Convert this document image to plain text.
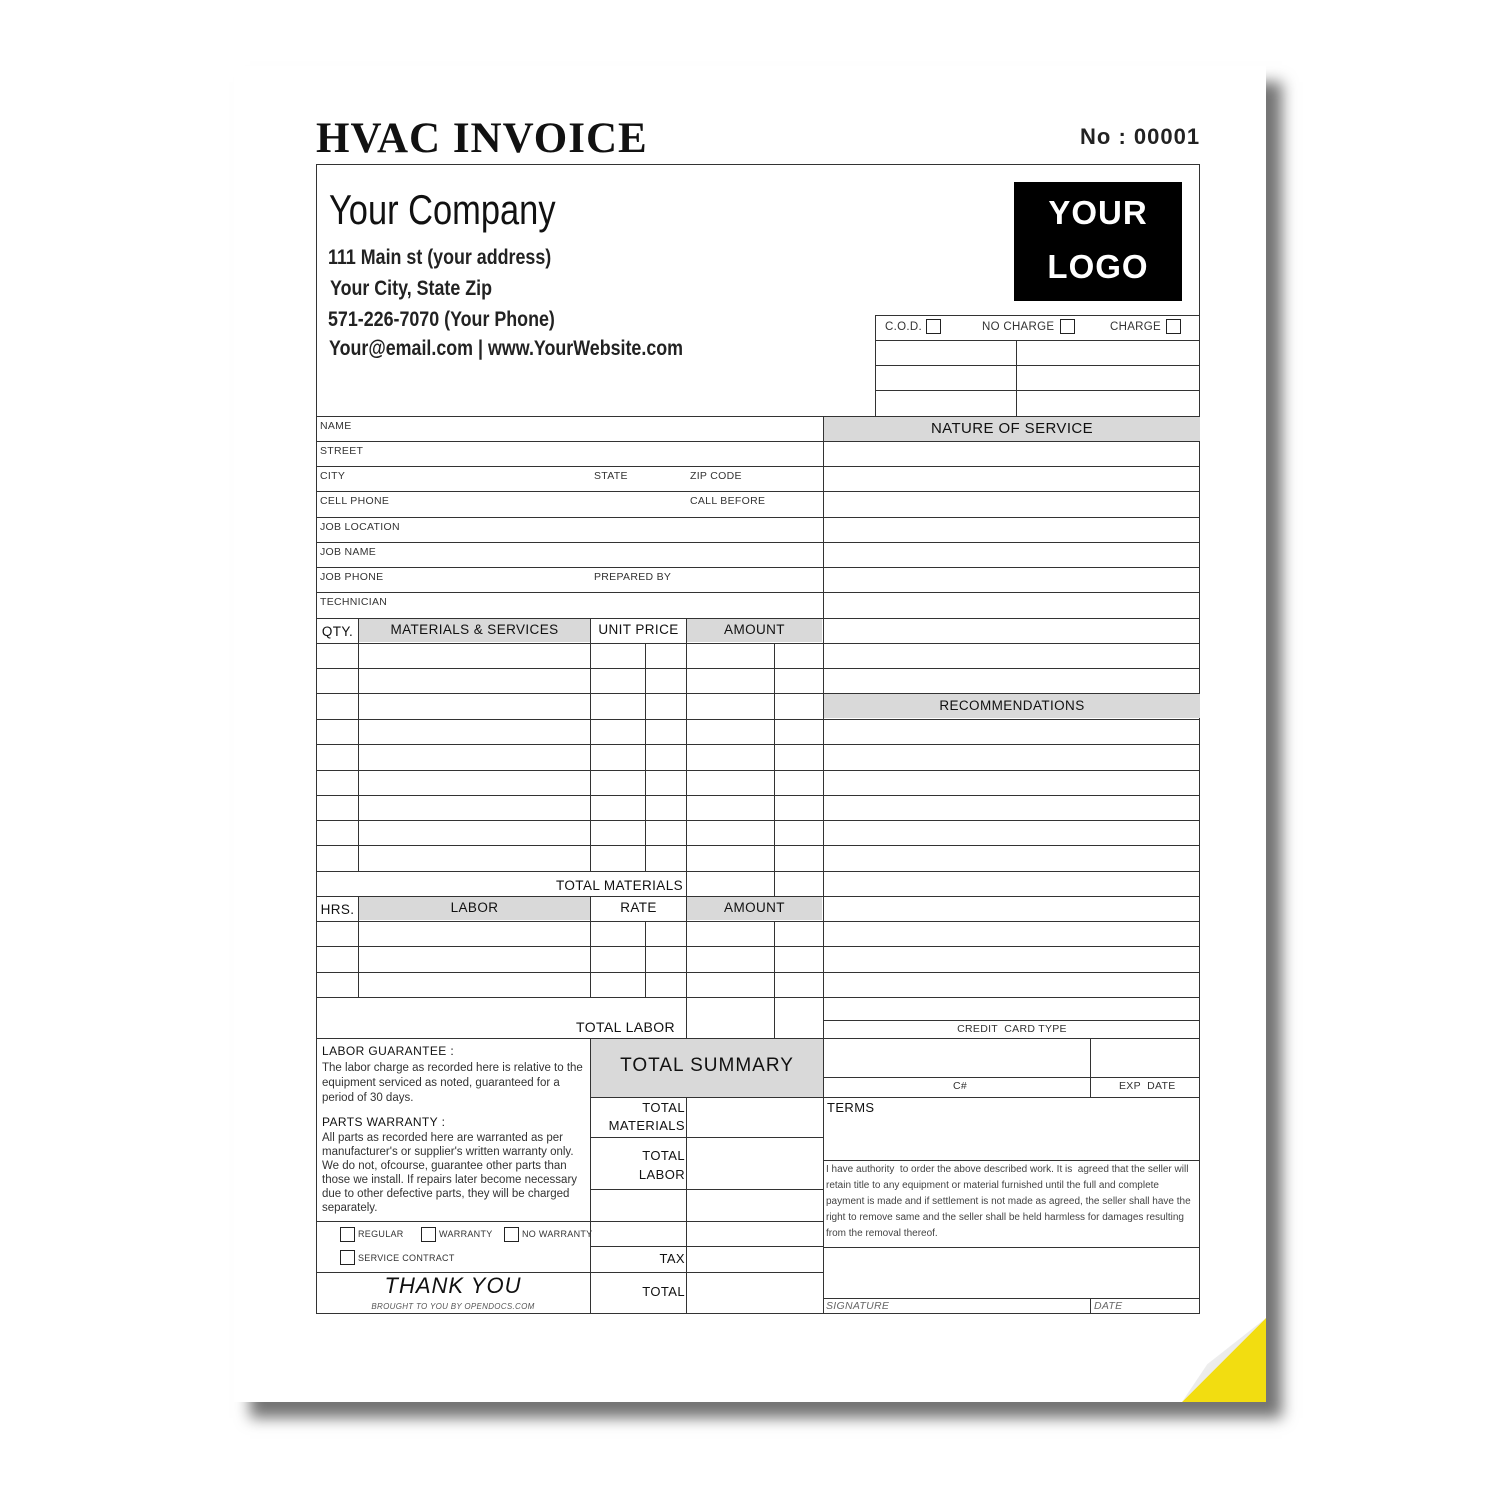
HVAC INVOICE	No : 00001
Your Company
111 Main st (your address)
Your City, State Zip
571-226-7070 (Your Phone)
Your@email.com | www.YourWebsite.com
YOUR
LOGO
C.O.D.	NO CHARGE	CHARGE
NAME
STREET
CITY	STATE	ZIP CODE
CELL PHONE	CALL BEFORE
JOB LOCATION
JOB NAME
JOB PHONE	PREPARED BY
TECHNICIAN
QTY.	MATERIALS & SERVICES	UNIT PRICE	AMOUNT
TOTAL MATERIALS
HRS.	LABOR	RATE	AMOUNT
TOTAL LABOR
NATURE OF SERVICE
RECOMMENDATIONS
CREDIT  CARD TYPE
C#	EXP  DATE
TERMS
I have authority  to order the above described work. It is  agreed that the seller will retain title to any equipment or material furnished until the full and complete payment is made and if settlement is not made as agreed, the seller shall have the right to remove same and the seller shall be held harmless for damages resulting from the removal thereof.
SIGNATURE	DATE
LABOR GUARANTEE :
The labor charge as recorded here is relative to the equipment serviced as noted, guaranteed for a period of 30 days.
PARTS WARRANTY :
All parts as recorded here are warranted as per manufacturer's or supplier's written warranty only. We do not, ofcourse, guarantee other parts than those we install. If repairs later become necessary due to other defective parts, they will be charged separately.
REGULAR	WARRANTY	NO WARRANTY
SERVICE CONTRACT
THANK YOU
BROUGHT TO YOU BY OPENDOCS.COM
TOTAL SUMMARY
TOTAL
MATERIALS
TOTAL
LABOR
TAX
TOTAL
